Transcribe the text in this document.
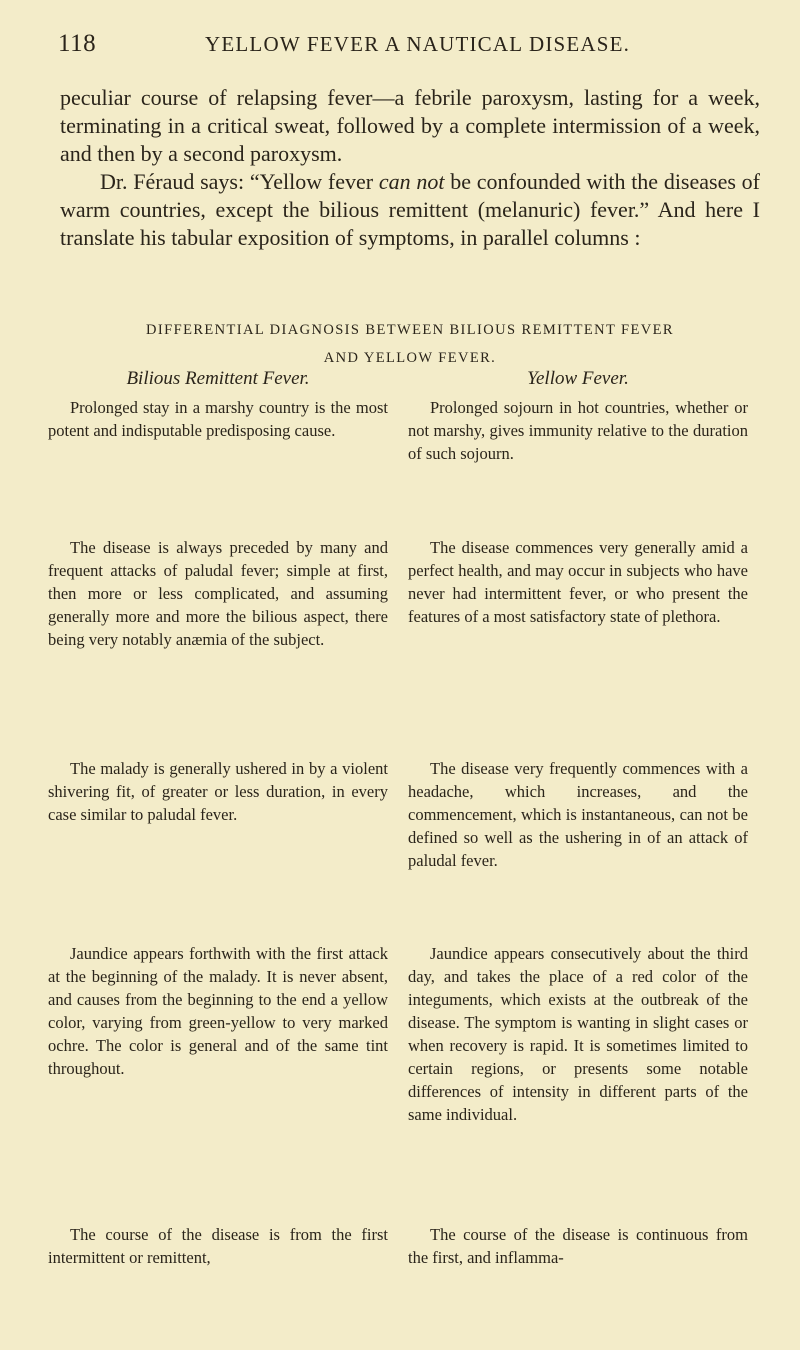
118	YELLOW FEVER A NAUTICAL DISEASE.

peculiar course of relapsing fever—a febrile paroxysm, lasting for a week, terminating in a critical sweat, followed by a complete intermission of a week, and then by a second paroxysm.

Dr. Féraud says: “Yellow fever can not be confounded with the diseases of warm countries, except the bilious remittent (melanuric) fever.” And here I translate his tabular exposition of symptoms, in parallel columns :

DIFFERENTIAL DIAGNOSIS BETWEEN BILIOUS REMITTENT FEVER
AND YELLOW FEVER.
Bilious Remittent Fever.	Yellow Fever.

Prolonged stay in a marshy country is the most potent and indisputable predisposing cause.

Prolonged sojourn in hot countries, whether or not marshy, gives immunity relative to the duration of such sojourn.

The disease is always preceded by many and frequent attacks of paludal fever; simple at first, then more or less complicated, and assuming generally more and more the bilious aspect, there being very notably anæmia of the subject.

The disease commences very generally amid a perfect health, and may occur in subjects who have never had intermittent fever, or who present the features of a most satisfactory state of plethora.

The malady is generally ushered in by a violent shivering fit, of greater or less duration, in every case similar to paludal fever.

The disease very frequently commences with a headache, which increases, and the commencement, which is instantaneous, can not be defined so well as the ushering in of an attack of paludal fever.

Jaundice appears forthwith with the first attack at the beginning of the malady. It is never absent, and causes from the beginning to the end a yellow color, varying from green-yellow to very marked ochre. The color is general and of the same tint throughout.

Jaundice appears consecutively about the third day, and takes the place of a red color of the integuments, which exists at the outbreak of the disease. The symptom is wanting in slight cases or when recovery is rapid. It is sometimes limited to certain regions, or presents some notable differences of intensity in different parts of the same individual.

The course of the disease is from the first intermittent or remittent,

The course of the disease is continuous from the first, and inflamma-
